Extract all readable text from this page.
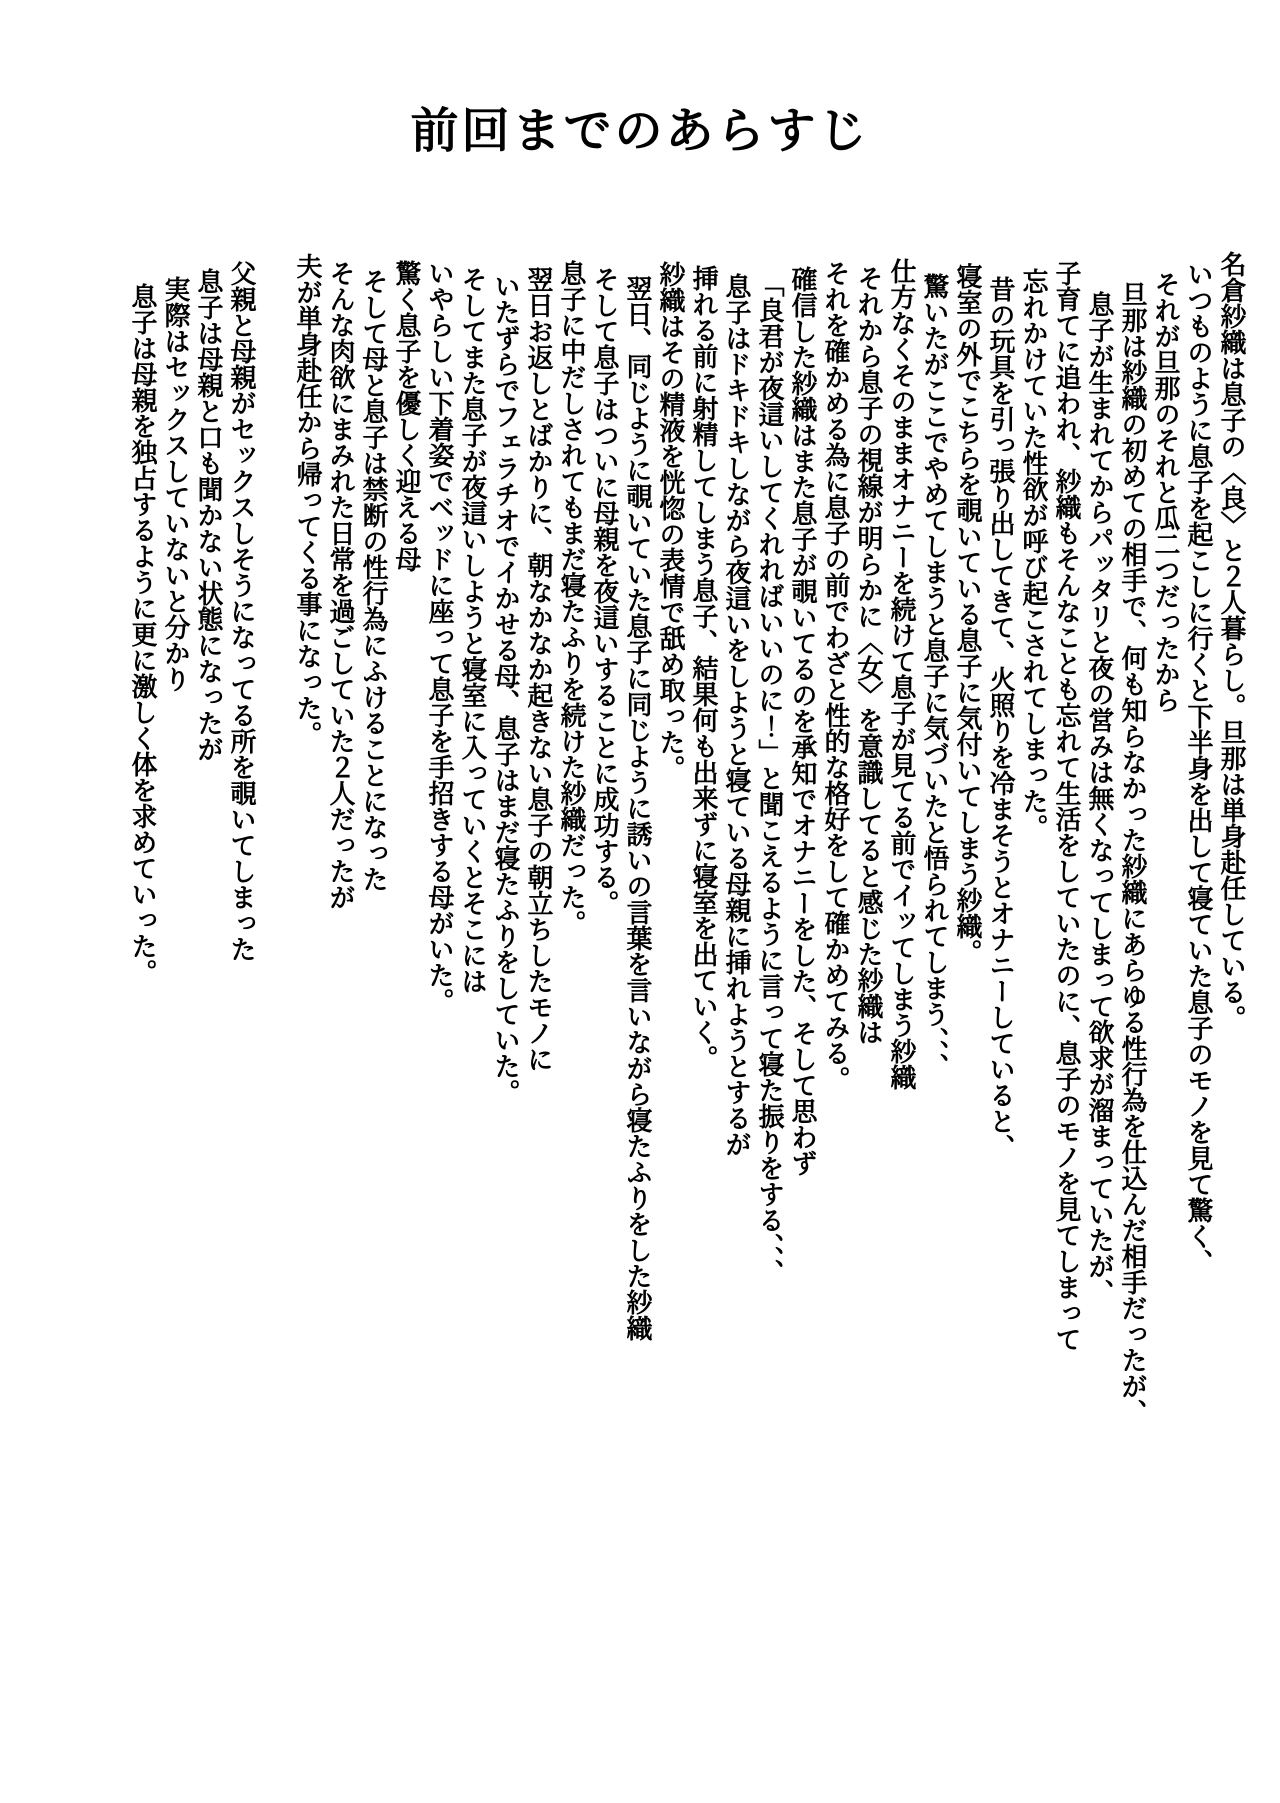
前回までのあらすじ

名倉紗織は息子の〈良〉と２人暮らし。旦那は単身赴任している。

いつものように息子を起こしに行くと下半身を出して寝ていた息子のモノを見て驚く、

それが旦那のそれと瓜二つだったから

旦那は紗織の初めての相手で、何も知らなかった紗織にあらゆる性行為を仕込んだ相手だったが、

息子が生まれてからパッタリと夜の営みは無くなってしまって欲求が溜まっていたが、

子育てに追われ、紗織もそんなことも忘れて生活をしていたのに、息子のモノを見てしまって

忘れかけていた性欲が呼び起こされてしまった。

昔の玩具を引っ張り出してきて、火照りを冷まそうとオナニーしていると、

寝室の外でこちらを覗いている息子に気付いてしまう紗織。

驚いたがここでやめてしまうと息子に気づいたと悟られてしまう、、、

仕方なくそのままオナニーを続けて息子が見てる前でイッてしまう紗織

それから息子の視線が明らかに〈女〉を意識してると感じた紗織は

それを確かめる為に息子の前でわざと性的な格好をして確かめてみる。

確信した紗織はまた息子が覗いてるのを承知でオナニーをした、そして思わず

「良君が夜這いしてくれればいいのに！」と聞こえるように言って寝た振りをする、、、

息子はドキドキしながら夜這いをしようと寝ている母親に挿れようとするが

挿れる前に射精してしまう息子、結果何も出来ずに寝室を出ていく。

紗織はその精液を恍惚の表情で舐め取った。

翌日、同じように覗いていた息子に同じように誘いの言葉を言いながら寝たふりをした紗織

そして息子はついに母親を夜這いすることに成功する。

息子に中だしされてもまだ寝たふりを続けた紗織だった。

翌日お返しとばかりに、朝なかなか起きない息子の朝立ちしたモノに

いたずらでフェラチオでイかせる母、息子はまだ寝たふりをしていた。

そしてまた息子が夜這いしようと寝室に入っていくとそこには

いやらしい下着姿でベッドに座って息子を手招きする母がいた。

驚く息子を優しく迎える母

そして母と息子は禁断の性行為にふけることになった

そんな肉欲にまみれた日常を過ごしていた２人だったが

夫が単身赴任から帰ってくる事になった。

父親と母親がセックスしそうになってる所を覗いてしまった

息子は母親と口も聞かない状態になったが

実際はセックスしていないと分かり

息子は母親を独占するように更に激しく体を求めていった。
